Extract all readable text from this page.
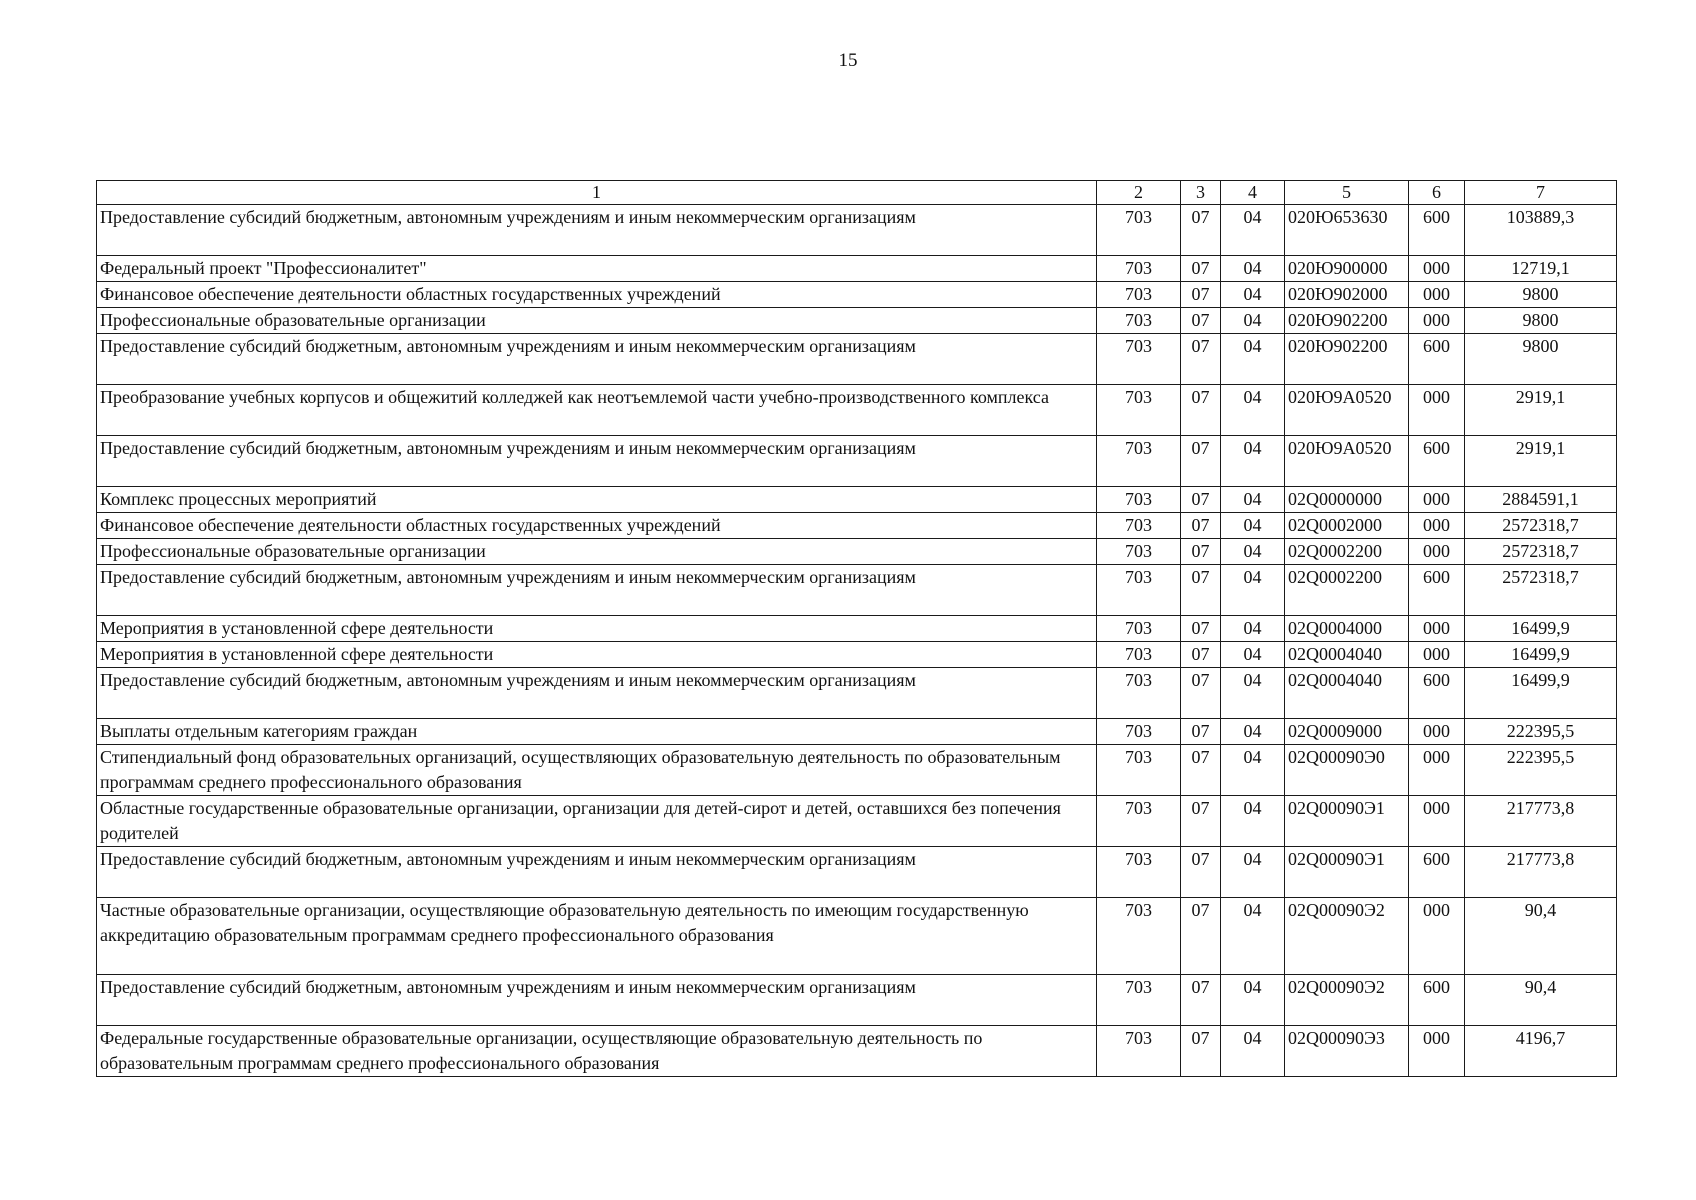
15
1	2	3	4	5	6	7
Предоставление субсидий бюджетным, автономным учреждениям и иным некоммерческим организациям	703	07	04	020Ю653630	600	103889,3
Федеральный проект "Профессионалитет"	703	07	04	020Ю900000	000	12719,1
Финансовое обеспечение деятельности областных государственных учреждений	703	07	04	020Ю902000	000	9800
Профессиональные образовательные организации	703	07	04	020Ю902200	000	9800
Предоставление субсидий бюджетным, автономным учреждениям и иным некоммерческим организациям	703	07	04	020Ю902200	600	9800
Преобразование учебных корпусов и общежитий колледжей как неотъемлемой части учебно-производственного комплекса	703	07	04	020Ю9А0520	000	2919,1
Предоставление субсидий бюджетным, автономным учреждениям и иным некоммерческим организациям	703	07	04	020Ю9А0520	600	2919,1
Комплекс процессных мероприятий	703	07	04	02Q0000000	000	2884591,1
Финансовое обеспечение деятельности областных государственных учреждений	703	07	04	02Q0002000	000	2572318,7
Профессиональные образовательные организации	703	07	04	02Q0002200	000	2572318,7
Предоставление субсидий бюджетным, автономным учреждениям и иным некоммерческим организациям	703	07	04	02Q0002200	600	2572318,7
Мероприятия в установленной сфере деятельности	703	07	04	02Q0004000	000	16499,9
Мероприятия в установленной сфере деятельности	703	07	04	02Q0004040	000	16499,9
Предоставление субсидий бюджетным, автономным учреждениям и иным некоммерческим организациям	703	07	04	02Q0004040	600	16499,9
Выплаты отдельным категориям граждан	703	07	04	02Q0009000	000	222395,5
Стипендиальный фонд образовательных организаций, осуществляющих образовательную деятельность по образовательным программам среднего профессионального образования	703	07	04	02Q00090Э0	000	222395,5
Областные государственные образовательные организации, организации для детей-сирот и детей, оставшихся без попечения родителей	703	07	04	02Q00090Э1	000	217773,8
Предоставление субсидий бюджетным, автономным учреждениям и иным некоммерческим организациям	703	07	04	02Q00090Э1	600	217773,8
Частные образовательные организации, осуществляющие образовательную деятельность по имеющим государственную аккредитацию образовательным программам среднего профессионального образования	703	07	04	02Q00090Э2	000	90,4
Предоставление субсидий бюджетным, автономным учреждениям и иным некоммерческим организациям	703	07	04	02Q00090Э2	600	90,4
Федеральные государственные образовательные организации, осуществляющие образовательную деятельность по образовательным программам среднего профессионального образования	703	07	04	02Q00090Э3	000	4196,7
